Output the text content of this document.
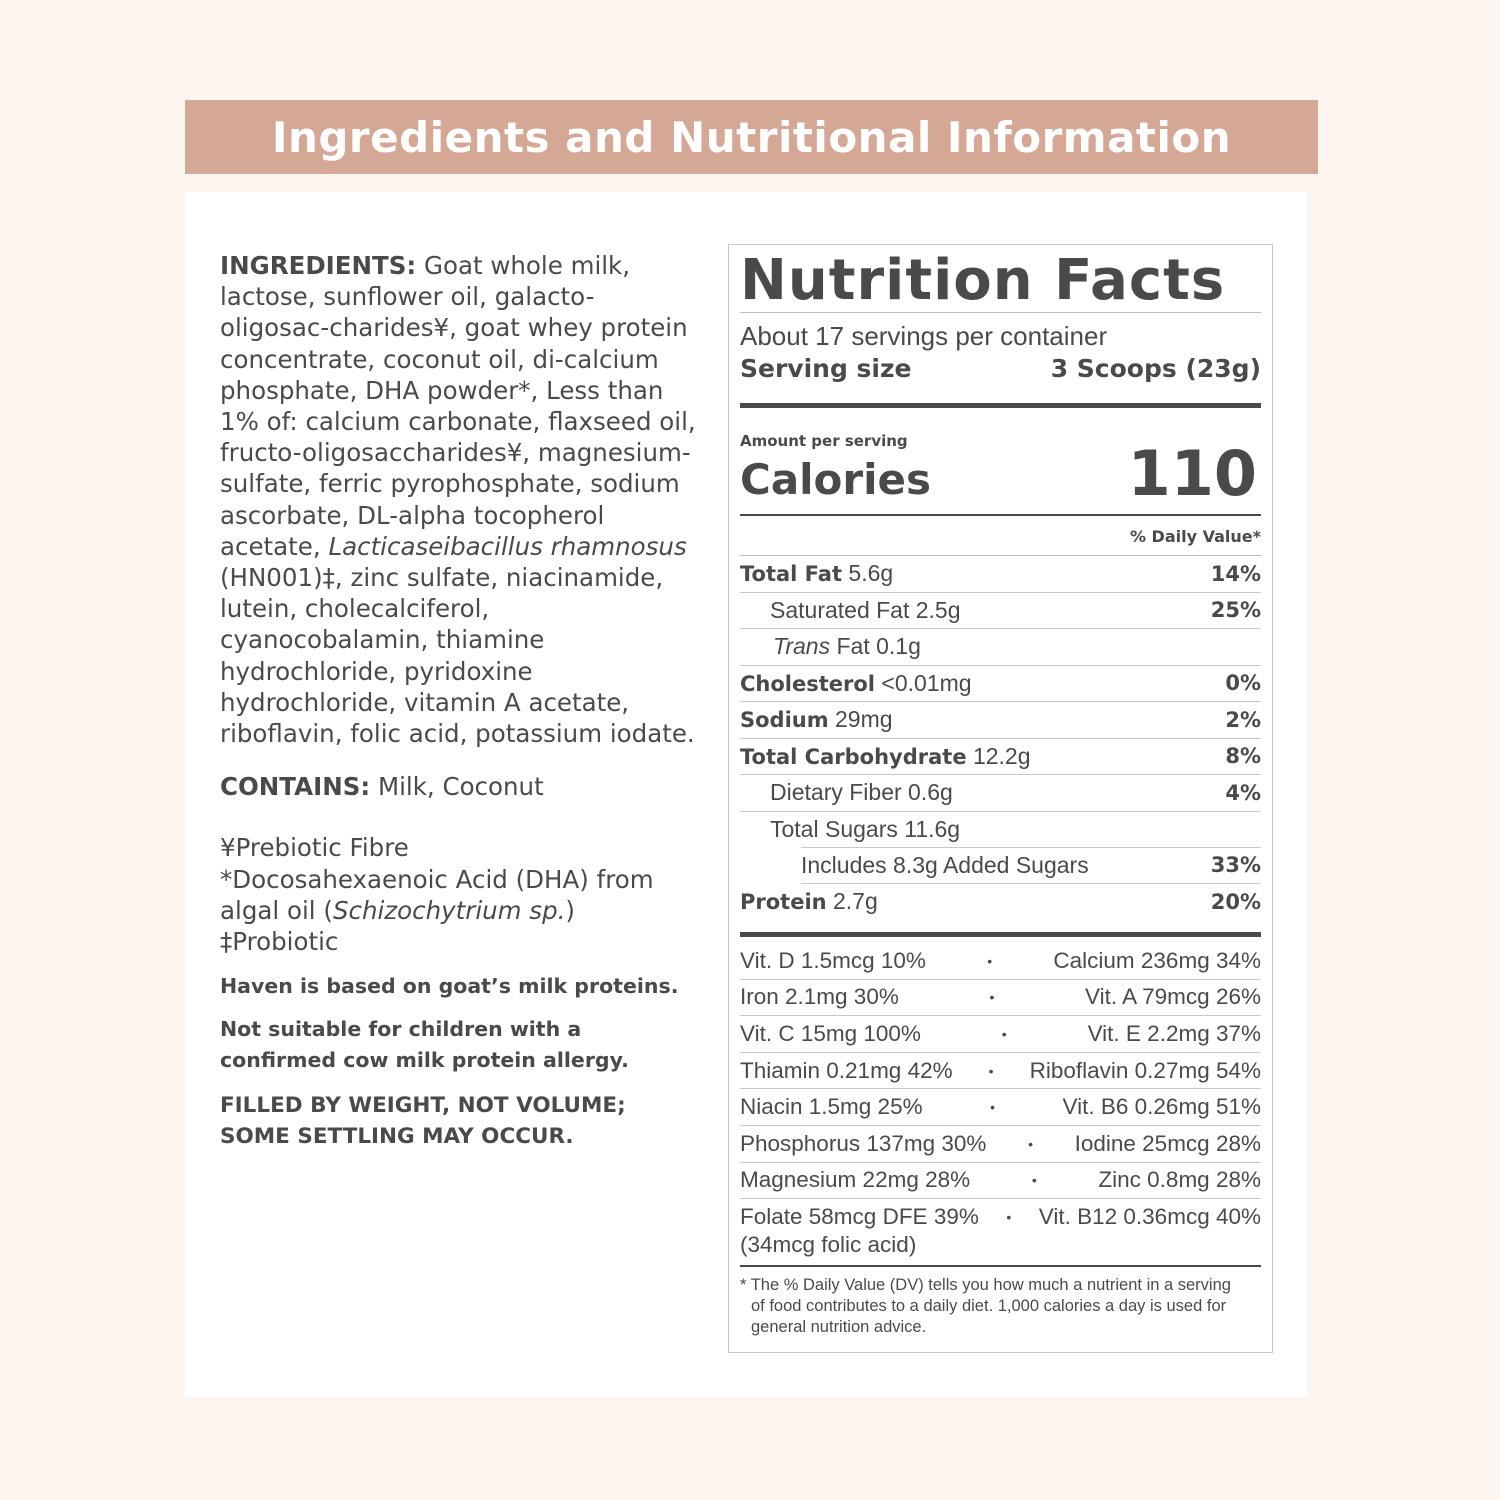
Ingredients and Nutritional Information

INGREDIENTS: Goat whole milk, lactose, sunflower oil, galacto-oligosac-charides¥, goat whey protein concentrate, coconut oil, di-calcium phosphate, DHA powder*, Less than 1% of: calcium carbonate, flaxseed oil, fructo-oligosaccharides¥, magnesium-sulfate, ferric pyrophosphate, sodium ascorbate, DL-alpha tocopherol acetate, Lacticaseibacillus rhamnosus (HN001)‡, zinc sulfate, niacinamide, lutein, cholecalciferol, cyanocobalamin, thiamine hydrochloride, pyridoxine hydrochloride, vitamin A acetate, riboflavin, folic acid, potassium iodate.

CONTAINS: Milk, Coconut

¥Prebiotic Fibre

*Docosahexaenoic Acid (DHA) from algal oil (Schizochytrium sp.)

‡Probiotic

Haven is based on goat’s milk proteins.

Not suitable for children with a confirmed cow milk protein allergy.

FILLED BY WEIGHT, NOT VOLUME; SOME SETTLING MAY OCCUR.

Nutrition Facts
About 17 servings per container
Serving size	3 Scoops (23g)
Amount per serving
Calories	110
% Daily Value*
Total Fat 5.6g	14%
Saturated Fat 2.5g	25%
Trans Fat 0.1g
Cholesterol <0.01mg	0%
Sodium 29mg	2%
Total Carbohydrate 12.2g	8%
Dietary Fiber 0.6g	4%
Total Sugars 11.6g
Includes 8.3g Added Sugars	33%
Protein 2.7g	20%
Vit. D 1.5mcg 10%	•	Calcium 236mg 34%
Iron 2.1mg 30%	•	Vit. A 79mcg 26%
Vit. C 15mg 100%	•	Vit. E 2.2mg 37%
Thiamin 0.21mg 42%	• Riboflavin 0.27mg 54%
Niacin 1.5mg 25%	•	Vit. B6 0.26mg 51%
Phosphorus 137mg 30%	• Iodine 25mcg 28%
Magnesium 22mg 28%	•	Zinc 0.8mg 28%
Folate 58mcg DFE 39%
(34mcg folic acid)
• Vit. B12 0.36mcg 40%

* The % Daily Value (DV) tells you how much a nutrient in a serving of food contributes to a daily diet. 1,000 calories a day is used for general nutrition advice.
